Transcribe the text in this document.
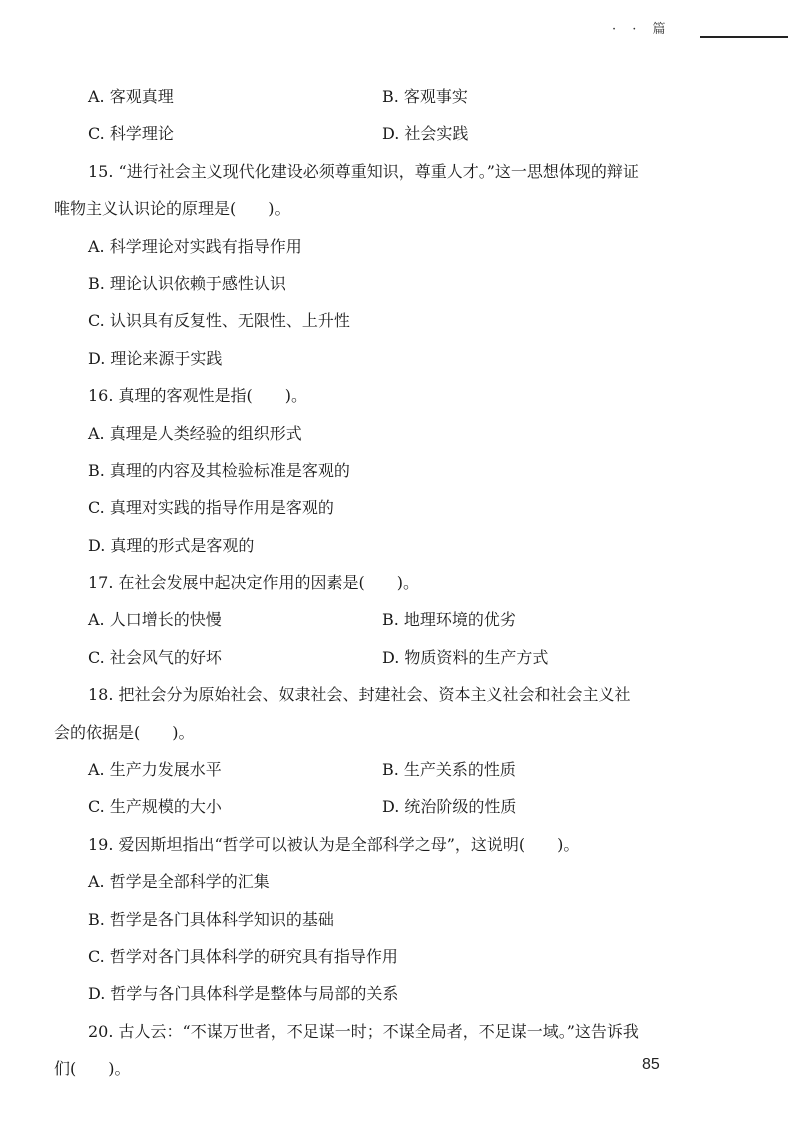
· · 篇
A. 客观真理	B. 客观事实
C. 科学理论	D. 社会实践
15. “进行社会主义现代化建设必须尊重知识，尊重人才。”这一思想体现的辩证
唯物主义认识论的原理是(　　)。
A. 科学理论对实践有指导作用
B. 理论认识依赖于感性认识
C. 认识具有反复性、无限性、上升性
D. 理论来源于实践
16. 真理的客观性是指(　　)。
A. 真理是人类经验的组织形式
B. 真理的内容及其检验标准是客观的
C. 真理对实践的指导作用是客观的
D. 真理的形式是客观的
17. 在社会发展中起决定作用的因素是(　　)。
A. 人口增长的快慢	B. 地理环境的优劣
C. 社会风气的好坏	D. 物质资料的生产方式
18. 把社会分为原始社会、奴隶社会、封建社会、资本主义社会和社会主义社
会的依据是(　　)。
A. 生产力发展水平	B. 生产关系的性质
C. 生产规模的大小	D. 统治阶级的性质
19. 爱因斯坦指出“哲学可以被认为是全部科学之母”，这说明(　　)。
A. 哲学是全部科学的汇集
B. 哲学是各门具体科学知识的基础
C. 哲学对各门具体科学的研究具有指导作用
D. 哲学与各门具体科学是整体与局部的关系
20. 古人云：“不谋万世者，不足谋一时；不谋全局者，不足谋一域。”这告诉我
们(　　)。	85
